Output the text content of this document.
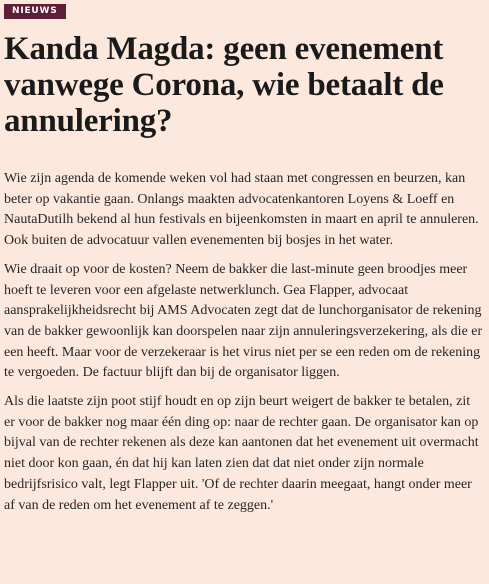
NIEUWS
Kanda Magda: geen evenement vanwege Corona, wie betaalt de annulering?

Wie zijn agenda de komende weken vol had staan met congressen en beurzen, kan beter op vakantie gaan. Onlangs maakten advocatenkantoren Loyens & Loeff en NautaDutilh bekend al hun festivals en bijeenkomsten in maart en april te annuleren. Ook buiten de advocatuur vallen evenementen bij bosjes in het water.

Wie draait op voor de kosten? Neem de bakker die last-minute geen broodjes meer hoeft te leveren voor een afgelaste netwerklunch. Gea Flapper, advocaat aansprakelijkheidsrecht bij AMS Advocaten zegt dat de lunchorganisator de rekening van de bakker gewoonlijk kan doorspelen naar zijn annuleringsverzekering, als die er een heeft. Maar voor de verzekeraar is het virus niet per se een reden om de rekening te vergoeden. De factuur blijft dan bij de organisator liggen.

Als die laatste zijn poot stijf houdt en op zijn beurt weigert de bakker te betalen, zit er voor de bakker nog maar één ding op: naar de rechter gaan. De organisator kan op bijval van de rechter rekenen als deze kan aantonen dat het evenement uit overmacht niet door kon gaan, én dat hij kan laten zien dat dat niet onder zijn normale bedrijfsrisico valt, legt Flapper uit. 'Of de rechter daarin meegaat, hangt onder meer af van de reden om het evenement af te zeggen.'
